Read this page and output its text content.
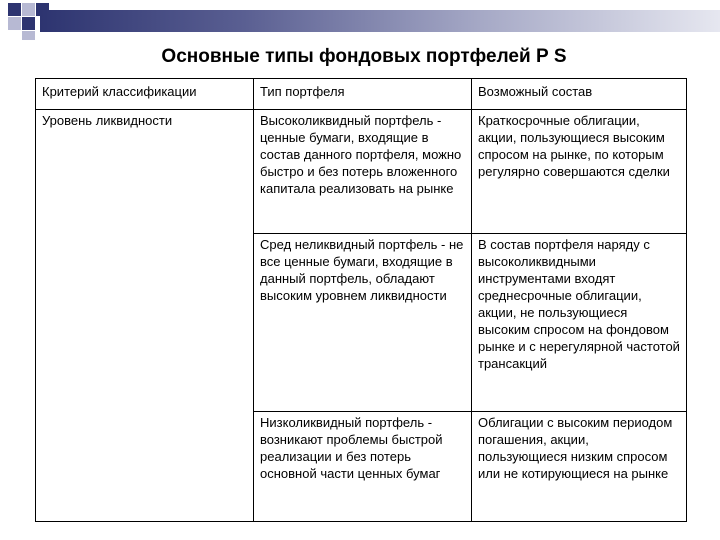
Основные типы фондовых портфелей Р S
Критерий классификации	Тип портфеля	Возможный состав
Уровень ликвидности	Высоколиквидный портфель - ценные бумаги, входящие в состав данного портфеля, можно быстро и без потерь вложенного капитала реализовать на рынке	Краткосрочные облигации, акции, пользующиеся высоким спросом на рынке, по которым регулярно совершаются сделки
	Сред неликвидный портфель - не все ценные бумаги, входящие в данный портфель, обладают высоким уровнем ликвидности	В состав портфеля наряду с высоколиквидными инструментами входят среднесрочные облигации, акции, не пользующиеся высоким спросом на фондовом рынке и с нерегулярной частотой трансакций
	Низколиквидный портфель - возникают проблемы быстрой реализации и без потерь основной части ценных бумаг	Облигации с высоким периодом погашения, акции, пользующиеся низким спросом или не котирующиеся на рынке
